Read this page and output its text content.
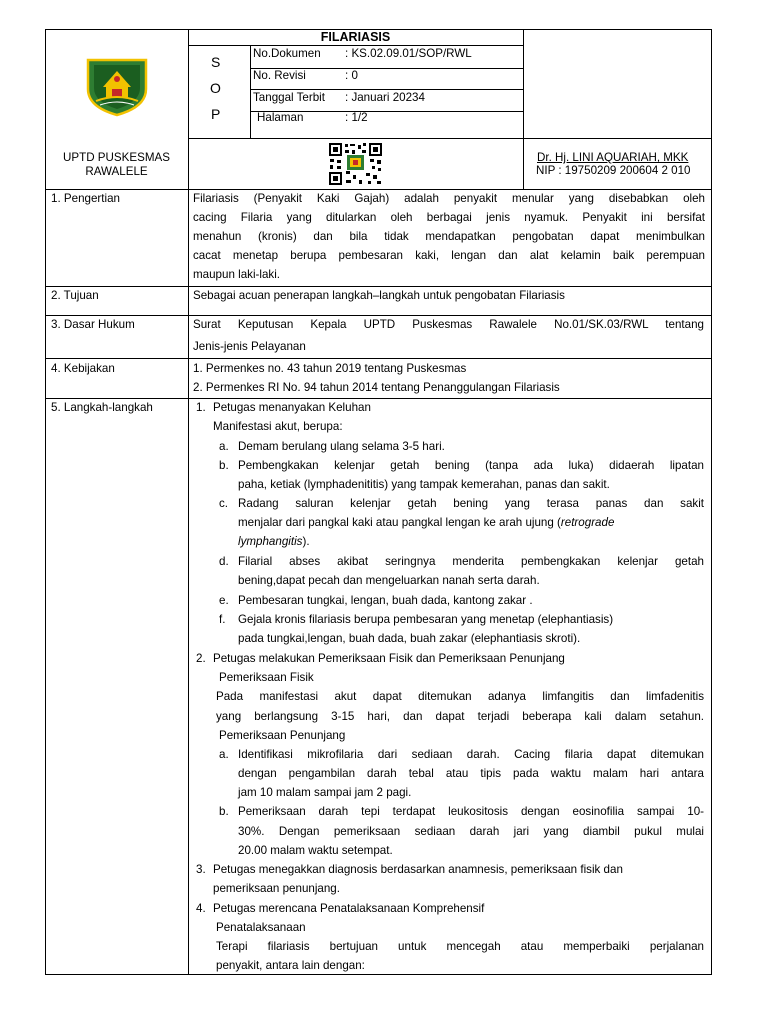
FILARIASIS
S
O
P
No.Dokumen : KS.02.09.01/SOP/RWL
No. Revisi	: 0
Tanggal Terbit : Januari 20234
Halaman	: 1/2
UPTD PUSKESMAS
RAWALELE
Dr. Hj. LINI AQUARIAH, MKK
NIP : 19750209 200604 2 010
1. Pengertian	Filariasis (Penyakit Kaki Gajah) adalah penyakit menular yang disebabkan oleh
cacing Filaria yang ditularkan oleh berbagai jenis nyamuk. Penyakit ini bersifat
menahun (kronis) dan bila tidak mendapatkan pengobatan dapat menimbulkan
cacat menetap berupa pembesaran kaki, lengan dan alat kelamin baik perempuan
maupun laki-laki.
2. Tujuan	Sebagai acuan penerapan langkah–langkah untuk pengobatan Filariasis
3. Dasar Hukum	Surat Keputusan Kepala UPTD Puskesmas Rawalele No.01/SK.03/RWL tentang
Jenis-jenis Pelayanan
4. Kebijakan	1. Permenkes no. 43 tahun 2019 tentang Puskesmas
2. Permenkes RI No. 94 tahun 2014 tentang Penanggulangan Filariasis
5. Langkah-langkah	1. Petugas menanyakan Keluhan
Manifestasi akut, berupa:
a. Demam berulang ulang selama 3-5 hari.
b. Pembengkakan kelenjar getah bening (tanpa ada luka) didaerah lipatan
paha, ketiak (lymphadenititis) yang tampak kemerahan, panas dan sakit.
c. Radang saluran kelenjar getah bening yang terasa panas dan sakit
menjalar dari pangkal kaki atau pangkal lengan ke arah ujung (retrograde
lymphangitis).
d. Filarial abses akibat seringnya menderita pembengkakan kelenjar getah
bening,dapat pecah dan mengeluarkan nanah serta darah.
e. Pembesaran tungkai, lengan, buah dada, kantong zakar .
f. Gejala kronis filariasis berupa pembesaran yang menetap (elephantiasis)
pada tungkai,lengan, buah dada, buah zakar (elephantiasis skroti).
2. Petugas melakukan Pemeriksaan Fisik dan Pemeriksaan Penunjang
Pemeriksaan Fisik
Pada manifestasi akut dapat ditemukan adanya limfangitis dan limfadenitis
yang berlangsung 3-15 hari, dan dapat terjadi beberapa kali dalam setahun.
Pemeriksaan Penunjang
a. Identifikasi mikrofilaria dari sediaan darah. Cacing filaria dapat ditemukan
dengan pengambilan darah tebal atau tipis pada waktu malam hari antara
jam 10 malam sampai jam 2 pagi.
b. Pemeriksaan darah tepi terdapat leukositosis dengan eosinofilia sampai 10-
30%. Dengan pemeriksaan sediaan darah jari yang diambil pukul mulai
20.00 malam waktu setempat.
3. Petugas menegakkan diagnosis berdasarkan anamnesis, pemeriksaan fisik dan
pemeriksaan penunjang.
4. Petugas merencana Penatalaksanaan Komprehensif
Penatalaksanaan
Terapi filariasis bertujuan untuk mencegah atau memperbaiki perjalanan
penyakit, antara lain dengan:
